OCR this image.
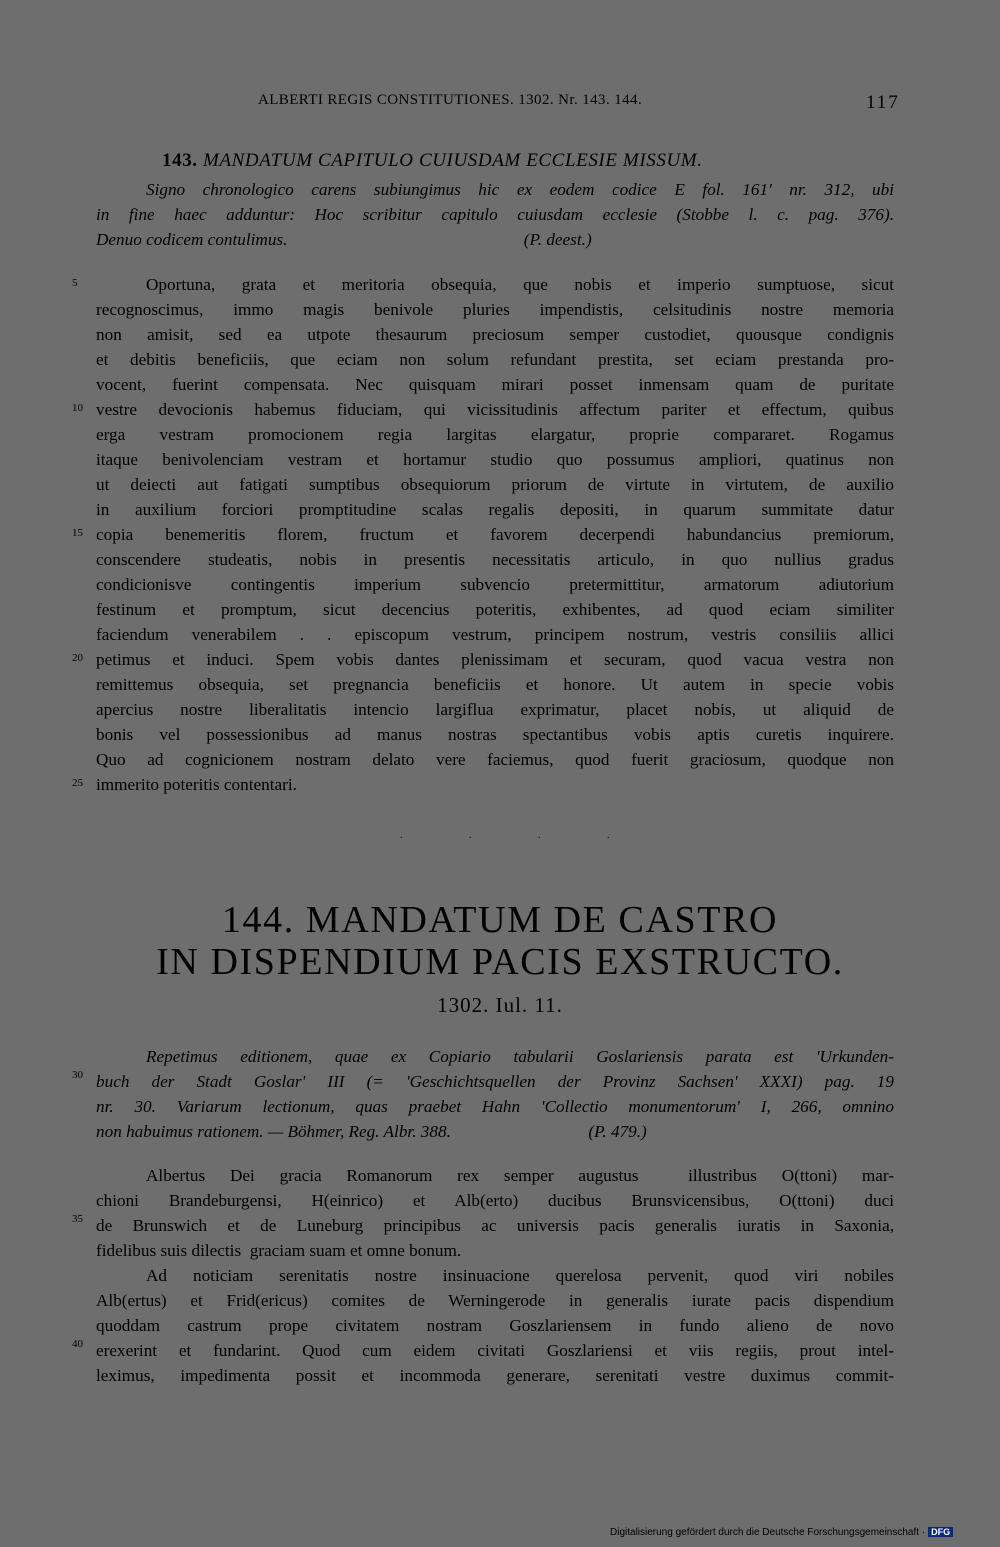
ALBERTI REGIS CONSTITUTIONES. 1302. Nr. 143. 144.	117
143. MANDATUM CAPITULO CUIUSDAM ECCLESIE MISSUM.
Signo chronologico carens subiungimus hic ex eodem codice E fol. 161' nr. 312, ubi
in fine haec adduntur: Hoc scribitur capitulo cuiusdam ecclesie (Stobbe l. c. pag. 376).
Denuo codicem contulimus.                                                       (P. deest.)
Oportuna, grata et meritoria obsequia, que nobis et imperio sumptuose, sicut
recognoscimus, immo magis benivole pluries impendistis, celsitudinis nostre memoria
non amisit, sed ea utpote thesaurum preciosum semper custodiet, quousque condignis
et debitis beneficiis, que eciam non solum refundant prestita, set eciam prestanda pro-
vocent, fuerint compensata. Nec quisquam mirari posset inmensam quam de puritate
vestre devocionis habemus fiduciam, qui vicissitudinis affectum pariter et effectum, quibus
erga vestram promocionem regia largitas elargatur, proprie compararet. Rogamus
itaque benivolenciam vestram et hortamur studio quo possumus ampliori, quatinus non
ut deiecti aut fatigati sumptibus obsequiorum priorum de virtute in virtutem, de auxilio
in auxilium forciori promptitudine scalas regalis depositi, in quarum summitate datur
copia benemeritis florem, fructum et favorem decerpendi habundancius premiorum,
conscendere studeatis, nobis in presentis necessitatis articulo, in quo nullius gradus
condicionisve contingentis imperium subvencio pretermittitur, armatorum adiutorium
festinum et promptum, sicut decencius poteritis, exhibentes, ad quod eciam similiter
faciendum venerabilem . . episcopum vestrum, principem nostrum, vestris consiliis allici
petimus et induci. Spem vobis dantes plenissimam et securam, quod vacua vestra non
remittemus obsequia, set pregnancia beneficiis et honore. Ut autem in specie vobis
apercius nostre liberalitatis intencio largiflua exprimatur, placet nobis, ut aliquid de
bonis vel possessionibus ad manus nostras spectantibus vobis aptis curetis inquirere.
Quo ad cognicionem nostram delato vere faciemus, quod fuerit graciosum, quodque non
immerito poteritis contentari.
5
10
15
20
25
. . . .
144. MANDATUM DE CASTRO
IN DISPENDIUM PACIS EXSTRUCTO.
1302. Iul. 11.
Repetimus editionem, quae ex Copiario tabularii Goslariensis parata est 'Urkunden-
buch der Stadt Goslar' III (= 'Geschichtsquellen der Provinz Sachsen' XXXI) pag. 19
nr. 30. Variarum lectionum, quas praebet Hahn 'Collectio monumentorum' I, 266, omnino
non habuimus rationem. — Böhmer, Reg. Albr. 388.                                (P. 479.)
Albertus Dei gracia Romanorum rex semper augustus  illustribus O(ttoni) mar-
chioni Brandeburgensi, H(einrico) et Alb(erto) ducibus Brunsvicensibus, O(ttoni) duci
de Brunswich et de Luneburg principibus ac universis pacis generalis iuratis in Saxonia,
fidelibus suis dilectis  graciam suam et omne bonum.
Ad noticiam serenitatis nostre insinuacione querelosa pervenit, quod viri nobiles
Alb(ertus) et Frid(ericus) comites de Werningerode in generalis iurate pacis dispendium
quoddam castrum prope civitatem nostram Goszlariensem in fundo alieno de novo
erexerint et fundarint. Quod cum eidem civitati Goszlariensi et viis regiis, prout intel-
leximus, impedimenta possit et incommoda generare, serenitati vestre duximus commit-
30
35
40
Digitalisierung gefördert durch die Deutsche Forschungsgemeinschaft · DFG
